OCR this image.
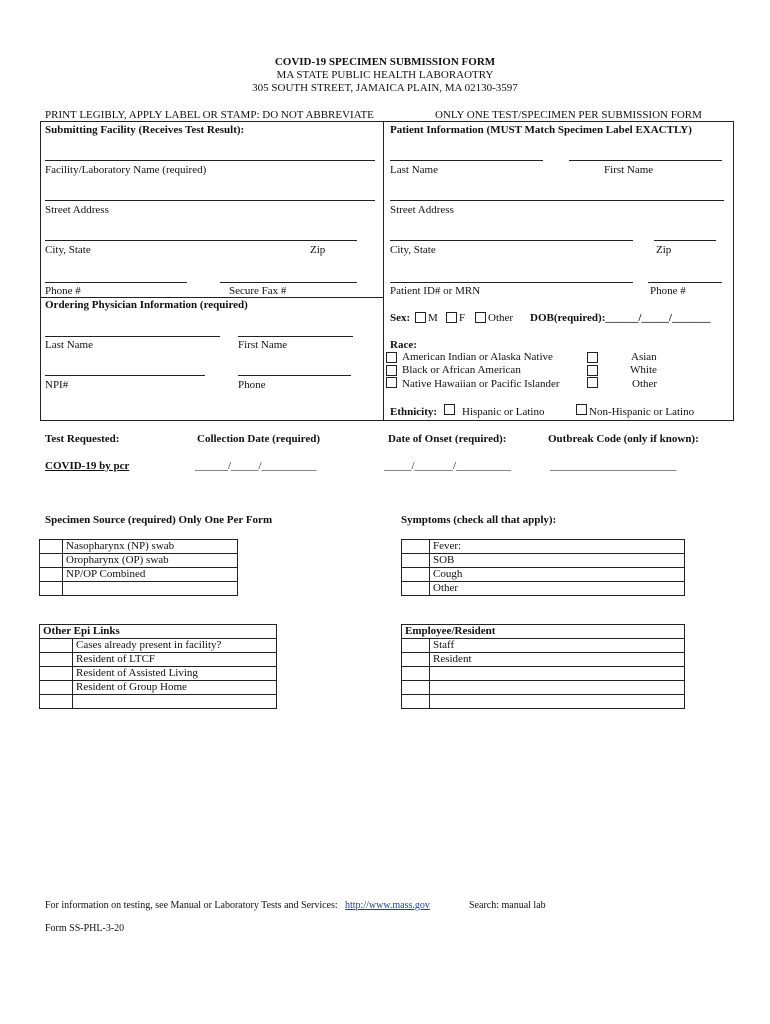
COVID-19 SPECIMEN SUBMISSION FORM
MA STATE PUBLIC HEALTH LABORAOTRY
305 SOUTH STREET, JAMAICA PLAIN, MA 02130-3597
PRINT LEGIBLY, APPLY LABEL OR STAMP: DO NOT ABBREVIATE	ONLY ONE TEST/SPECIMEN PER SUBMISSION FORM
Submitting Facility (Receives Test Result):
Facility/Laboratory Name (required)
Street Address
City, State	Zip
Phone #	Secure Fax #
Ordering Physician Information (required)
Last Name	First Name
NPI#	Phone
Patient Information (MUST Match Specimen Label EXACTLY)
Last Name	First Name
Street Address
City, State	Zip
Patient ID# or MRN	Phone #
Sex: M F Other DOB(required):______/_____/_______
Race:
American Indian or Alaska Native
Black or African American
Native Hawaiian or Pacific Islander
Asian
White
Other
Ethnicity: Hispanic or Latino	Non-Hispanic or Latino
Test Requested:	Collection Date (required)	Date of Onset (required):	Outbreak Code (only if known):
COVID-19 by pcr	______/_____/__________	_____/_______/__________	_______________________
Specimen Source (required) Only One Per Form
	Nasopharynx (NP) swab
	Oropharynx (OP) swab
	NP/OP Combined

Symptoms (check all that apply):
	Fever:
	SOB
	Cough
	Other
Other Epi Links	
	Cases already present in facility?
	Resident of LTCF
	Resident of Assisted Living
	Resident of Group Home

Employee/Resident	
	Staff
	Resident

For information on testing, see Manual or Laboratory Tests and Services: http://www.mass.gov	Search: manual lab
Form SS-PHL-3-20
